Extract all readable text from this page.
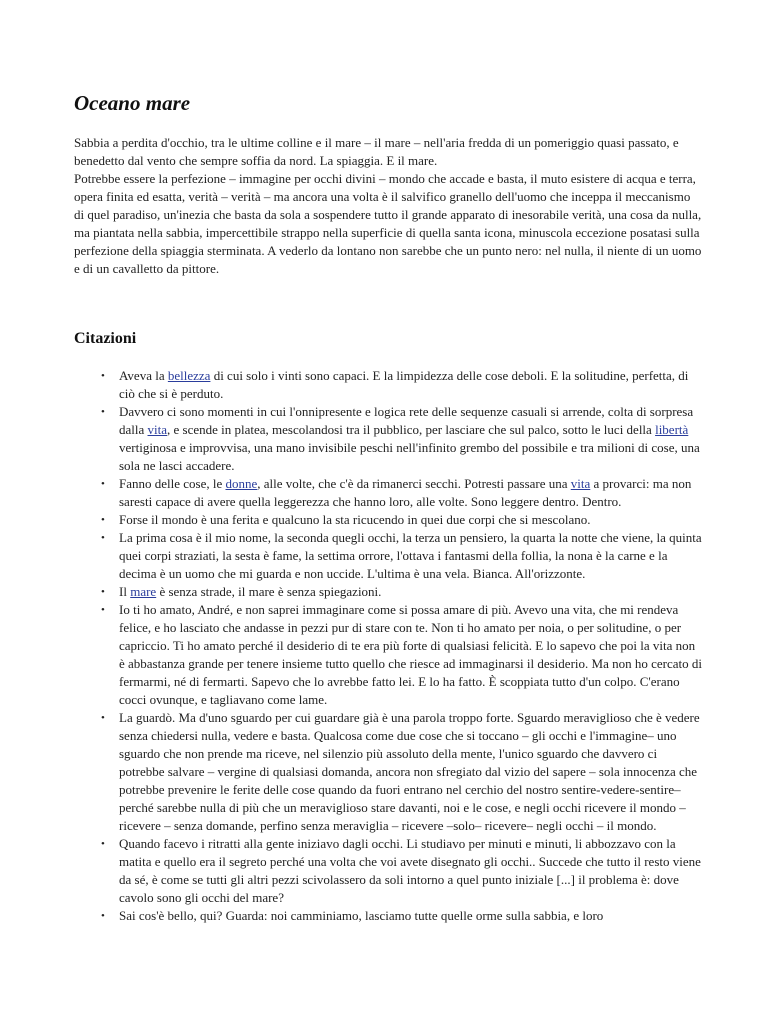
Oceano mare

Sabbia a perdita d'occhio, tra le ultime colline e il mare – il mare – nell'aria fredda di un pomeriggio quasi passato, e benedetto dal vento che sempre soffia da nord. La spiaggia. E il mare.

Potrebbe essere la perfezione – immagine per occhi divini – mondo che accade e basta, il muto esistere di acqua e terra, opera finita ed esatta, verità – verità – ma ancora una volta è il salvifico granello dell'uomo che inceppa il meccanismo di quel paradiso, un'inezia che basta da sola a sospendere tutto il grande apparato di inesorabile verità, una cosa da nulla, ma piantata nella sabbia, impercettibile strappo nella superficie di quella santa icona, minuscola eccezione posatasi sulla perfezione della spiaggia sterminata. A vederlo da lontano non sarebbe che un punto nero: nel nulla, il niente di un uomo e di un cavalletto da pittore.

Citazioni
•	Aveva la bellezza di cui solo i vinti sono capaci. E la limpidezza delle cose deboli. E la solitudine, perfetta, di ciò che si è perduto.
•	Davvero ci sono momenti in cui l'onnipresente e logica rete delle sequenze casuali si arrende, colta di sorpresa dalla vita, e scende in platea, mescolandosi tra il pubblico, per lasciare che sul palco, sotto le luci della libertà vertiginosa e improvvisa, una mano invisibile peschi nell'infinito grembo del possibile e tra milioni di cose, una sola ne lasci accadere.
•	Fanno delle cose, le donne, alle volte, che c'è da rimanerci secchi. Potresti passare una vita a provarci: ma non saresti capace di avere quella leggerezza che hanno loro, alle volte. Sono leggere dentro. Dentro.
•	Forse il mondo è una ferita e qualcuno la sta ricucendo in quei due corpi che si mescolano.
•	La prima cosa è il mio nome, la seconda quegli occhi, la terza un pensiero, la quarta la notte che viene, la quinta quei corpi straziati, la sesta è fame, la settima orrore, l'ottava i fantasmi della follia, la nona è la carne e la decima è un uomo che mi guarda e non uccide. L'ultima è una vela. Bianca. All'orizzonte.
•	Il mare è senza strade, il mare è senza spiegazioni.
•	Io ti ho amato, André, e non saprei immaginare come si possa amare di più. Avevo una vita, che mi rendeva felice, e ho lasciato che andasse in pezzi pur di stare con te. Non ti ho amato per noia, o per solitudine, o per capriccio. Ti ho amato perché il desiderio di te era più forte di qualsiasi felicità. E lo sapevo che poi la vita non è abbastanza grande per tenere insieme tutto quello che riesce ad immaginarsi il desiderio. Ma non ho cercato di fermarmi, né di fermarti. Sapevo che lo avrebbe fatto lei. E lo ha fatto. È scoppiata tutto d'un colpo. C'erano cocci ovunque, e tagliavano come lame.
•	La guardò. Ma d'uno sguardo per cui guardare già è una parola troppo forte. Sguardo meraviglioso che è vedere senza chiedersi nulla, vedere e basta. Qualcosa come due cose che si toccano – gli occhi e l'immagine– uno sguardo che non prende ma riceve, nel silenzio più assoluto della mente, l'unico sguardo che davvero ci potrebbe salvare – vergine di qualsiasi domanda, ancora non sfregiato dal vizio del sapere – sola innocenza che potrebbe prevenire le ferite delle cose quando da fuori entrano nel cerchio del nostro sentire-vedere-sentire– perché sarebbe nulla di più che un meraviglioso stare davanti, noi e le cose, e negli occhi ricevere il mondo – ricevere – senza domande, perfino senza meraviglia – ricevere –solo– ricevere– negli occhi – il mondo.
•	Quando facevo i ritratti alla gente iniziavo dagli occhi. Li studiavo per minuti e minuti, li abbozzavo con la matita e quello era il segreto perché una volta che voi avete disegnato gli occhi.. Succede che tutto il resto viene da sé, è come se tutti gli altri pezzi scivolassero da soli intorno a quel punto iniziale [...] il problema è: dove cavolo sono gli occhi del mare?
•	Sai cos'è bello, qui? Guarda: noi camminiamo, lasciamo tutte quelle orme sulla sabbia, e loro
